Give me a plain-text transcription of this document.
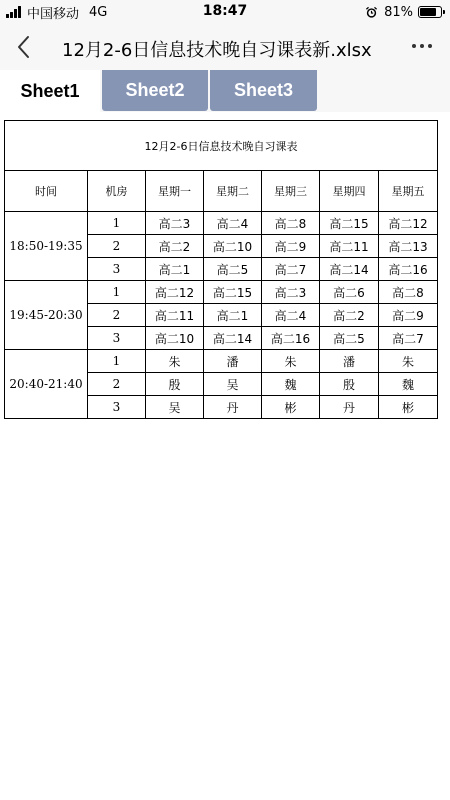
中国移动 4G	18:47	81%
12月2-6日信息技术晚自习课表新.xlsx
Sheet1	Sheet2	Sheet3
12月2-6日信息技术晚自习课表						
时间	机房	星期一	星期二	星期三	星期四	星期五
18:50-19:35	1	高二3	高二4	高二8	高二15	高二12
	2	高二2	高二10	高二9	高二11	高二13
	3	高二1	高二5	高二7	高二14	高二16
19:45-20:30	1	高二12	高二15	高二3	高二6	高二8
	2	高二11	高二1	高二4	高二2	高二9
	3	高二10	高二14	高二16	高二5	高二7
20:40-21:40	1	朱	潘	朱	潘	朱
	2	殷	吴	魏	殷	魏
	3	吴	丹	彬	丹	彬
